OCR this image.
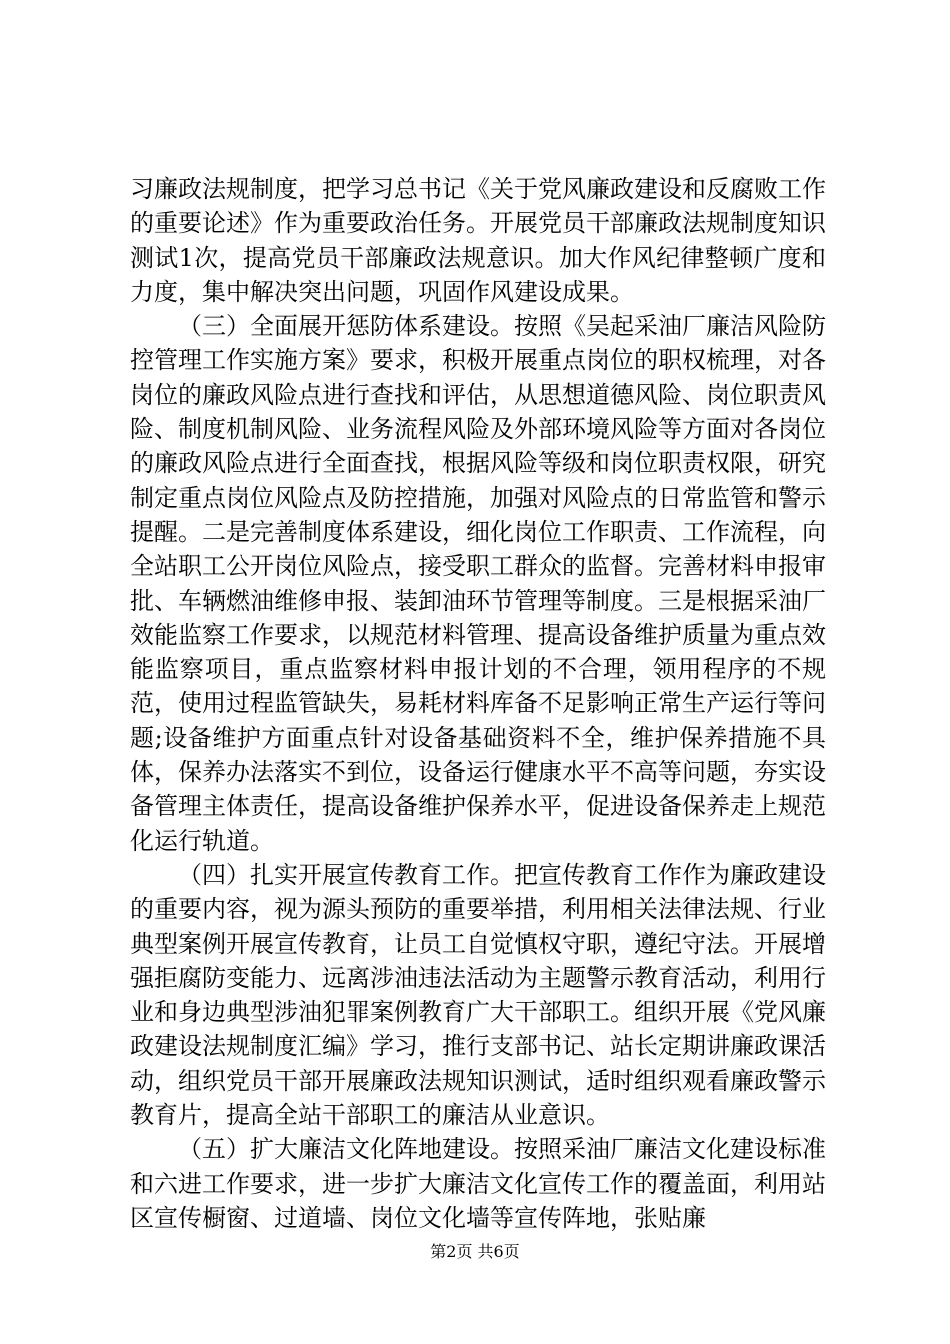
习廉政法规制度，把学习总书记《关于党风廉政建设和反腐败工作的重要论述》作为重要政治任务。开展党员干部廉政法规制度知识测试1次，提高党员干部廉政法规意识。加大作风纪律整顿广度和力度，集中解决突出问题，巩固作风建设成果。

（三）全面展开惩防体系建设。按照《吴起采油厂廉洁风险防控管理工作实施方案》要求，积极开展重点岗位的职权梳理，对各岗位的廉政风险点进行查找和评估，从思想道德风险、岗位职责风险、制度机制风险、业务流程风险及外部环境风险等方面对各岗位的廉政风险点进行全面查找，根据风险等级和岗位职责权限，研究制定重点岗位风险点及防控措施，加强对风险点的日常监管和警示提醒。二是完善制度体系建设，细化岗位工作职责、工作流程，向全站职工公开岗位风险点，接受职工群众的监督。完善材料申报审批、车辆燃油维修申报、装卸油环节管理等制度。三是根据采油厂效能监察工作要求，以规范材料管理、提高设备维护质量为重点效能监察项目，重点监察材料申报计划的不合理，领用程序的不规范，使用过程监管缺失，易耗材料库备不足影响正常生产运行等问题;设备维护方面重点针对设备基础资料不全，维护保养措施不具体，保养办法落实不到位，设备运行健康水平不高等问题，夯实设备管理主体责任，提高设备维护保养水平，促进设备保养走上规范化运行轨道。

（四）扎实开展宣传教育工作。把宣传教育工作作为廉政建设的重要内容，视为源头预防的重要举措，利用相关法律法规、行业典型案例开展宣传教育，让员工自觉慎权守职，遵纪守法。开展增强拒腐防变能力、远离涉油违法活动为主题警示教育活动，利用行业和身边典型涉油犯罪案例教育广大干部职工。组织开展《党风廉政建设法规制度汇编》学习，推行支部书记、站长定期讲廉政课活动，组织党员干部开展廉政法规知识测试，适时组织观看廉政警示教育片，提高全站干部职工的廉洁从业意识。

（五）扩大廉洁文化阵地建设。按照采油厂廉洁文化建设标准和六进工作要求，进一步扩大廉洁文化宣传工作的覆盖面，利用站区宣传橱窗、过道墙、岗位文化墙等宣传阵地，张贴廉

第2页 共6页
